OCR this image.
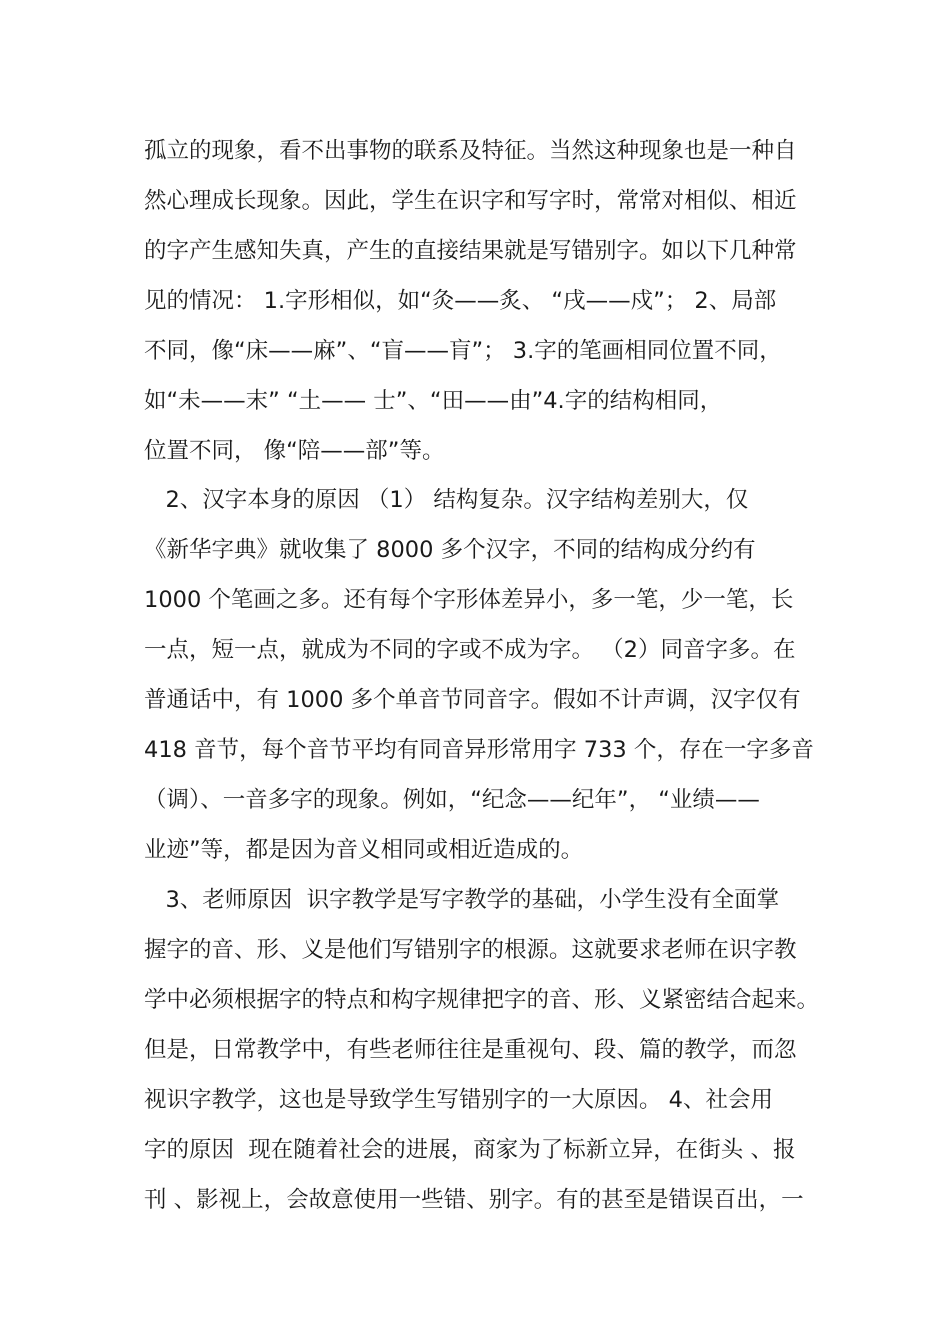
孤立的现象，看不出事物的联系及特征。当然这种现象也是一种自
然心理成长现象。因此，学生在识字和写字时，常常对相似、相近
的字产生感知失真，产生的直接结果就是写错别字。如以下几种常
见的情况： 1.字形相似，如“灸——炙、 “戌——戍”； 2、局部
不同，像“床——麻”、“盲——肓”； 3.字的笔画相同位置不同，
如“未——末” “土—— 士”、“田——由”4.字的结构相同，
位置不同， 像“陪——部”等。
2、汉字本身的原因 （1） 结构复杂。汉字结构差别大，仅
《新华字典》就收集了 8000 多个汉字，不同的结构成分约有
1000 个笔画之多。还有每个字形体差异小，多一笔，少一笔，长
一点，短一点，就成为不同的字或不成为字。 （2）同音字多。在
普通话中，有 1000 多个单音节同音字。假如不计声调，汉字仅有
418 音节，每个音节平均有同音异形常用字 733 个，存在一字多音
（调）、一音多字的现象。例如，“纪念——纪年”， “业绩——
业迹”等，都是因为音义相同或相近造成的。
3、老师原因  识字教学是写字教学的基础，小学生没有全面掌
握字的音、形、义是他们写错别字的根源。这就要求老师在识字教
学中必须根据字的特点和构字规律把字的音、形、义紧密结合起来。
但是，日常教学中，有些老师往往是重视句、段、篇的教学，而忽
视识字教学，这也是导致学生写错别字的一大原因。 4、社会用
字的原因  现在随着社会的进展，商家为了标新立异，在街头 、报
刊 、影视上，会故意使用一些错、别字。有的甚至是错误百出，一
